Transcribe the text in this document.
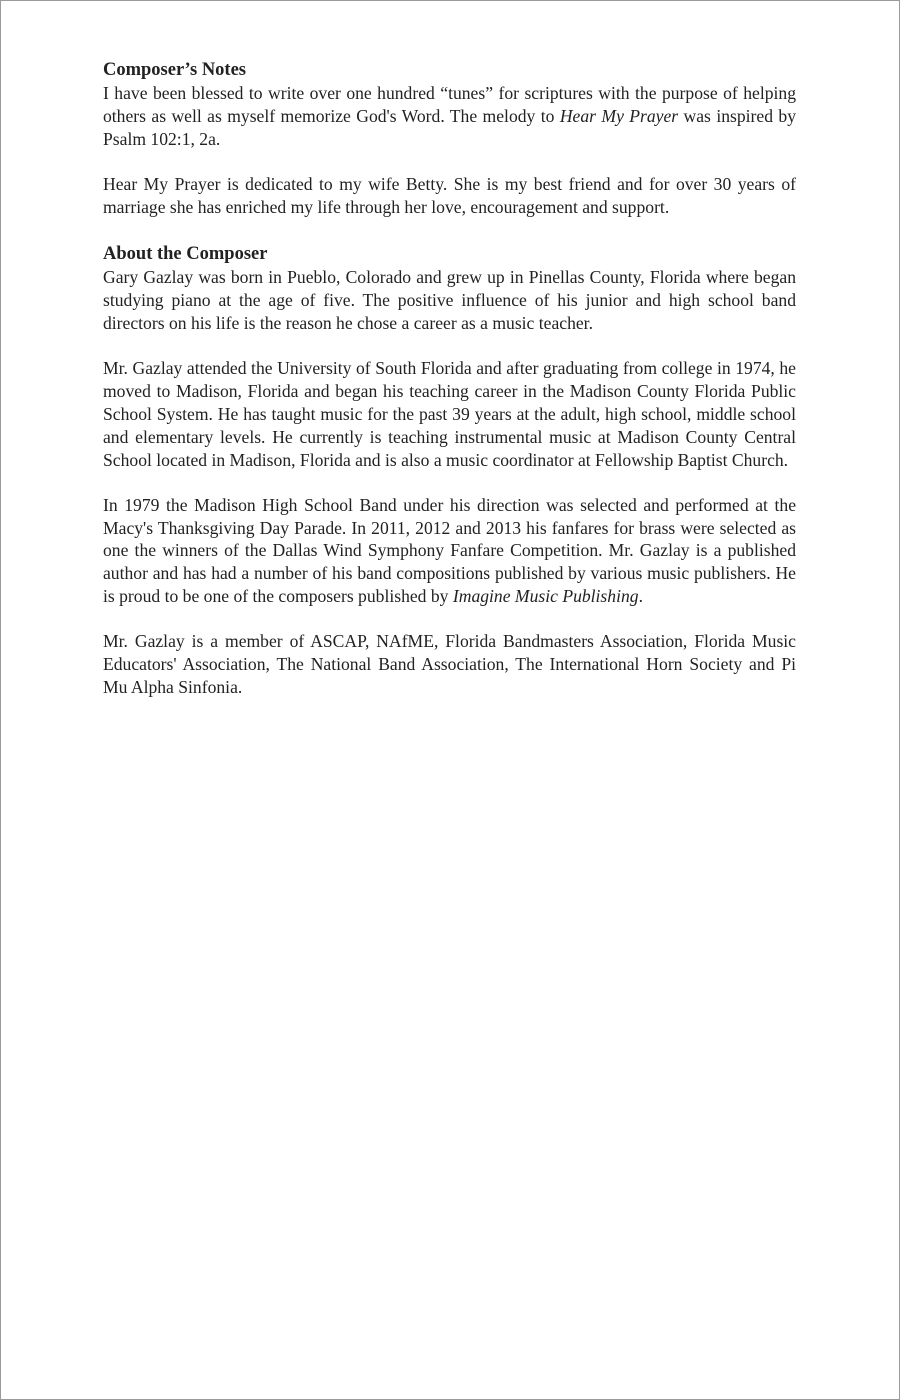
Composer’s Notes

I have been blessed to write over one hundred “tunes” for scriptures with the purpose of helping others as well as myself memorize God's Word. The melody to Hear My Prayer was inspired by Psalm 102:1, 2a.

Hear My Prayer is dedicated to my wife Betty. She is my best friend and for over 30 years of marriage she has enriched my life through her love, encouragement and support.

About the Composer

Gary Gazlay was born in Pueblo, Colorado and grew up in Pinellas County, Florida where began studying piano at the age of five. The positive influence of his junior and high school band directors on his life is the reason he chose a career as a music teacher.

Mr. Gazlay attended the University of South Florida and after graduating from college in 1974, he moved to Madison, Florida and began his teaching career in the Madison County Florida Public School System. He has taught music for the past 39 years at the adult, high school, middle school and elementary levels. He currently is teaching instrumental music at Madison County Central School located in Madison, Florida and is also a music coordinator at Fellowship Baptist Church.

In 1979 the Madison High School Band under his direction was selected and performed at the Macy's Thanksgiving Day Parade. In 2011, 2012 and 2013 his fanfares for brass were selected as one the winners of the Dallas Wind Symphony Fanfare Competition. Mr. Gazlay is a published author and has had a number of his band compositions published by various music publishers. He is proud to be one of the composers published by Imagine Music Publishing.

Mr. Gazlay is a member of ASCAP, NAfME, Florida Bandmasters Association, Florida Music Educators' Association, The National Band Association, The International Horn Society and Pi Mu Alpha Sinfonia.
